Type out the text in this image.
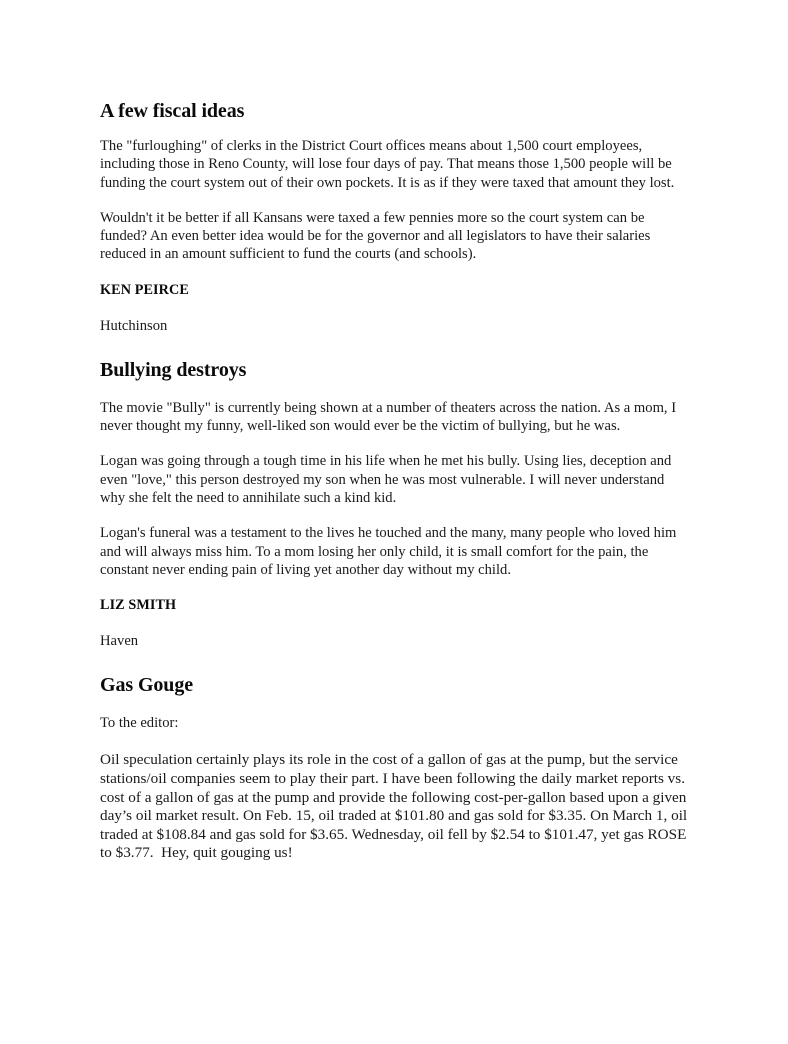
A few fiscal ideas

The "furloughing" of clerks in the District Court offices means about 1,500 court employees, including those in Reno County, will lose four days of pay. That means those 1,500 people will be funding the court system out of their own pockets. It is as if they were taxed that amount they lost.

Wouldn't it be better if all Kansans were taxed a few pennies more so the court system can be funded? An even better idea would be for the governor and all legislators to have their salaries reduced in an amount sufficient to fund the courts (and schools).

KEN PEIRCE

Hutchinson

Bullying destroys

The movie "Bully" is currently being shown at a number of theaters across the nation. As a mom, I never thought my funny, well-liked son would ever be the victim of bullying, but he was.

Logan was going through a tough time in his life when he met his bully. Using lies, deception and even "love," this person destroyed my son when he was most vulnerable. I will never understand why she felt the need to annihilate such a kind kid.

Logan's funeral was a testament to the lives he touched and the many, many people who loved him and will always miss him. To a mom losing her only child, it is small comfort for the pain, the constant never ending pain of living yet another day without my child.

LIZ SMITH

Haven

Gas Gouge

To the editor:

Oil speculation certainly plays its role in the cost of a gallon of gas at the pump, but the service stations/oil companies seem to play their part. I have been following the daily market reports vs. cost of a gallon of gas at the pump and provide the following cost-per-gallon based upon a given day’s oil market result. On Feb. 15, oil traded at $101.80 and gas sold for $3.35. On March 1, oil traded at $108.84 and gas sold for $3.65. Wednesday, oil fell by $2.54 to $101.47, yet gas ROSE to $3.77.  Hey, quit gouging us!
